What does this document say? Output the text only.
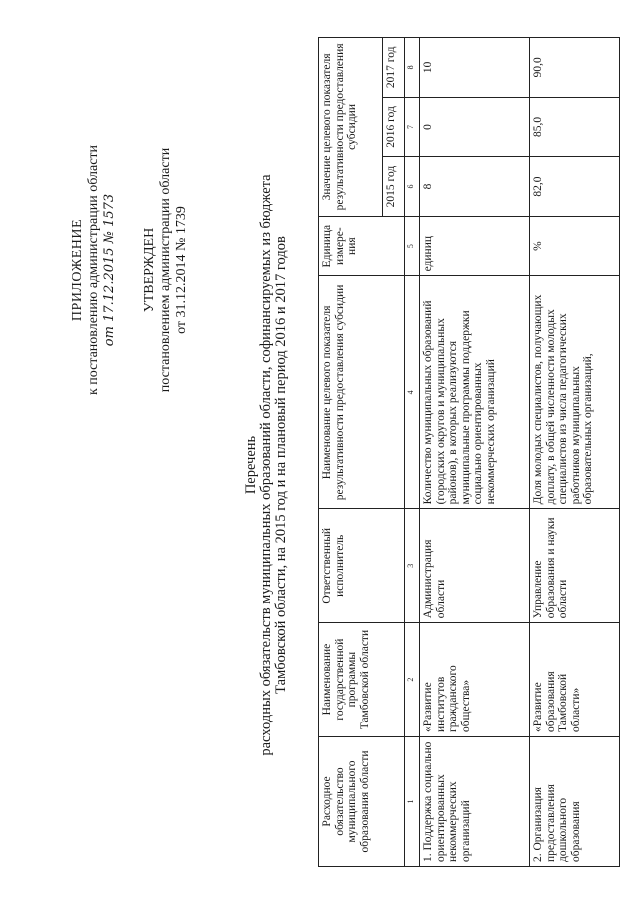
ПРИЛОЖЕНИЕ к постановлению администрации области от 17.12.2015 № 1573 УТВЕРЖДЕН постановлением администрации области от 31.12.2014 № 1739
Перечень расходных обязательств муниципальных образований области, софинансируемых из бюджета Тамбовской области, на 2015 год и на плановый период 2016 и 2017 годов
Расходное обязательство муниципального образования области	Наименование государственной программы Тамбовской области	Ответственный исполнитель	Наименование целевого показателя результативности предоставления субсидии	Единица измере-ния	Значение целевого показателя результативности предоставления субсидии		
					2015 год	2016 год	2017 год
1	2	3	4	5	6	7	8
1. Поддержка социально ориентированных некоммерческих организаций	«Развитие институтов гражданского общества»	Администрация области	Количество муниципальных образований (городских округов и муниципальных районов), в которых реализуются муниципальные программы поддержки социально ориентированных некоммерческих организаций	единиц	8	0	10
2. Организация предоставления дошкольного образования	«Развитие образования Тамбовской области»	Управление образования и науки области	Доля молодых специалистов, получающих доплату, в общей численности молодых специалистов из числа педагогических работников муниципальных образовательных организаций,	%	82,0	85,0	90,0
